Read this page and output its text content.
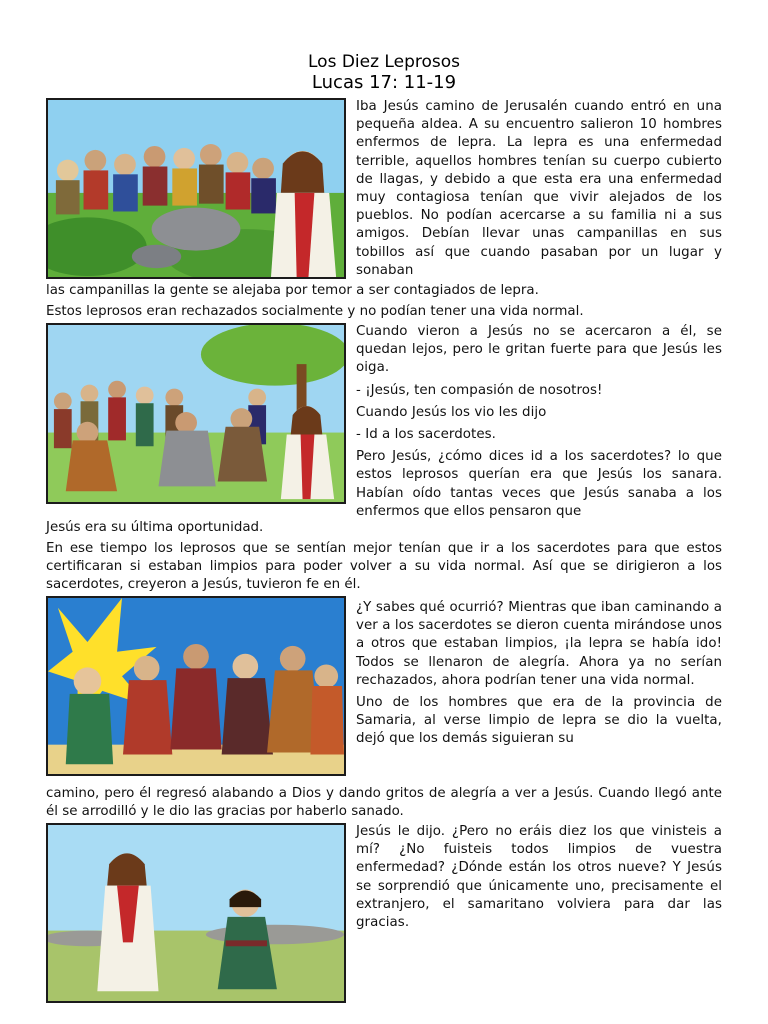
Los Diez Leprosos
Lucas 17: 11-19

Iba Jesús camino de Jerusalén cuando entró en una pequeña aldea. A su encuentro salieron 10 hombres enfermos de lepra. La lepra es una enfermedad terrible, aquellos hombres tenían su cuerpo cubierto de llagas, y debido a que esta era una enfermedad muy contagiosa tenían que vivir alejados de los pueblos. No podían acercarse a su familia ni a sus amigos. Debían llevar unas campanillas en sus tobillos así que cuando pasaban por un lugar y sonaban

las campanillas la gente se alejaba por temor a ser contagiados de lepra.

Estos leprosos eran rechazados socialmente y no podían tener una vida normal.

Cuando vieron a Jesús no se acercaron a él, se quedan lejos, pero le gritan fuerte para que Jesús les oiga.

- ¡Jesús, ten compasión de nosotros!

Cuando Jesús los vio les dijo

- Id a los sacerdotes.

Pero Jesús, ¿cómo dices id a los sacerdotes? lo que estos leprosos querían era que Jesús los sanara. Habían oído tantas veces que Jesús sanaba a los enfermos que ellos pensaron que

Jesús era su última oportunidad.

En ese tiempo los leprosos que se sentían mejor tenían que ir a los sacerdotes para que estos certificaran si estaban limpios para poder volver a su vida normal. Así que se dirigieron a los sacerdotes, creyeron a Jesús, tuvieron fe en él.

¿Y sabes qué ocurrió? Mientras que iban caminando a ver a los sacerdotes se dieron cuenta mirándose unos a otros que estaban limpios, ¡la lepra se había ido! Todos se llenaron de alegría. Ahora ya no serían rechazados, ahora podrían tener una vida normal.

Uno de los hombres que era de la provincia de Samaria, al verse limpio de lepra se dio la vuelta, dejó que los demás siguieran su

camino, pero él regresó alabando a Dios y dando gritos de alegría a ver a Jesús. Cuando llegó ante él se arrodilló y le dio las gracias por haberlo sanado.

Jesús le dijo. ¿Pero no eráis diez los que vinisteis a mí? ¿No fuisteis todos limpios de vuestra enfermedad? ¿Dónde están los otros nueve? Y Jesús se sorprendió que únicamente uno, precisamente el extranjero, el samaritano volviera para dar las gracias.
